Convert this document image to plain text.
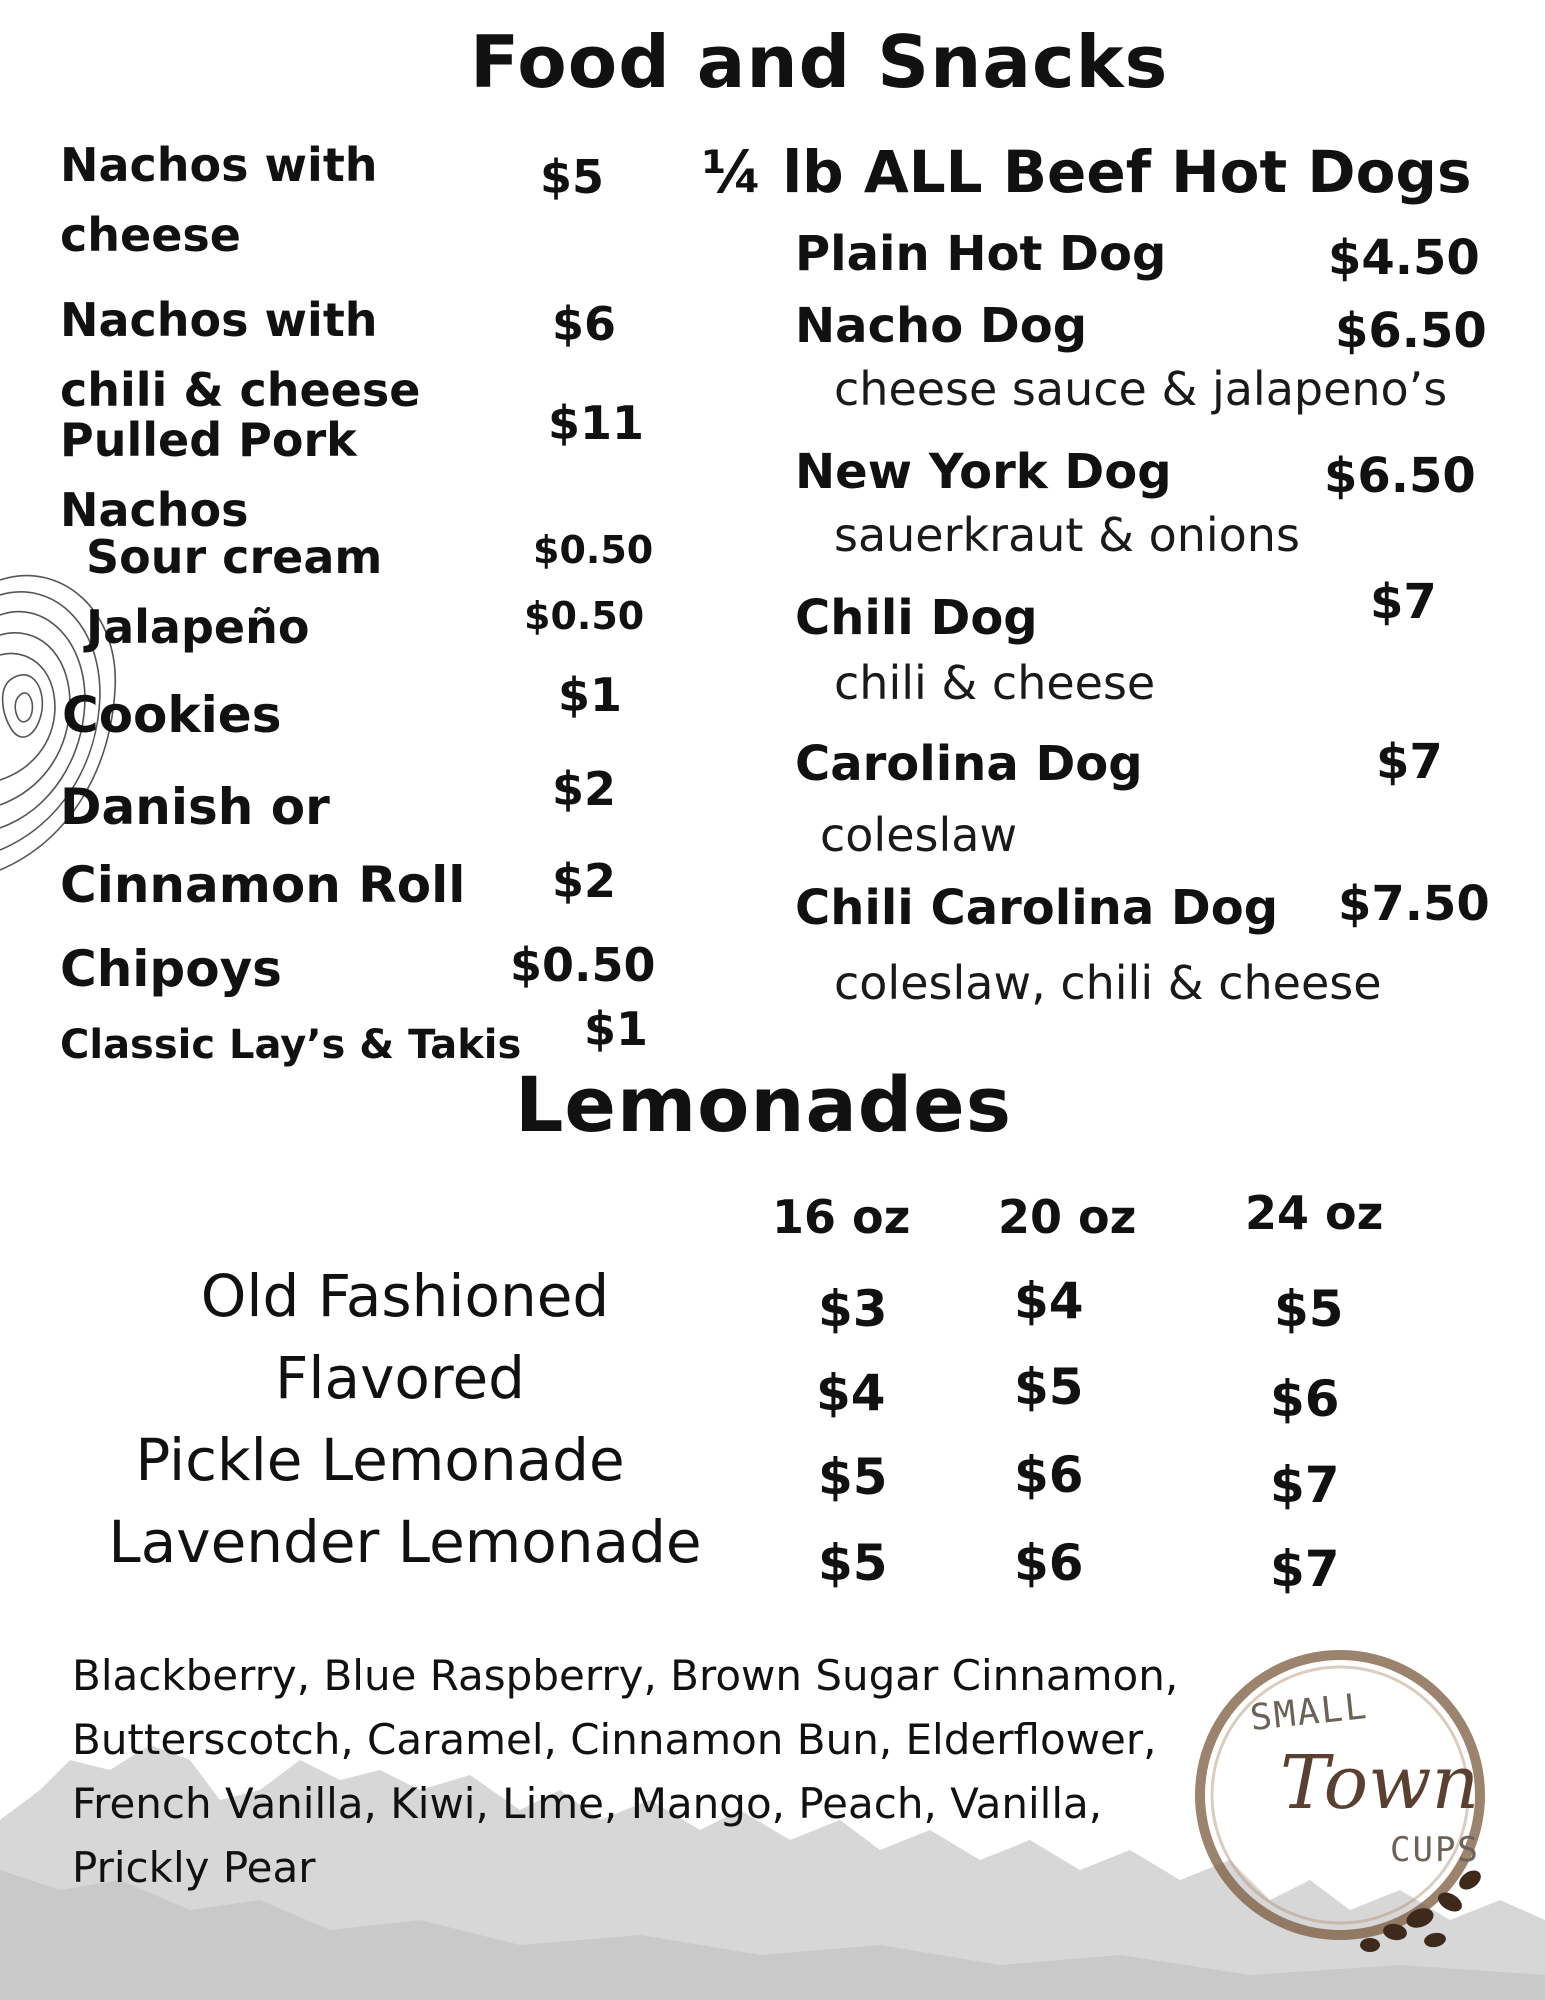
Food and Snacks
Nachos with
cheese
$5
Nachos with
chili & cheese
$6
Pulled Pork
Nachos
$11
Sour cream	$0.50
Jalapeño	$0.50
Cookies	$1
Danish or	$2
Cinnamon Roll $2
Chipoys	$0.50
Classic Lay’s & Takis $1
¼ lb ALL Beef Hot Dogs
Plain Hot Dog	$4.50
Nacho Dog	$6.50
cheese sauce & jalapeno’s
New York Dog	$6.50
sauerkraut & onions
Chili Dog	$7
chili & cheese
Carolina Dog	$7
coleslaw
Chili Carolina Dog $7.50
coleslaw, chili & cheese
Lemonades
16 oz 20 oz 24 oz
Old Fashioned	$3	$4	$5
Flavored	$4	$5	$6
Pickle Lemonade	$5	$6	$7
Lavender Lemonade	$5	$6	$7
Blackberry, Blue Raspberry, Brown Sugar Cinnamon, Butterscotch, Caramel, Cinnamon Bun, Elderflower, French Vanilla, Kiwi, Lime, Mango, Peach, Vanilla, Prickly Pear
SMALL
Town
CUPS
